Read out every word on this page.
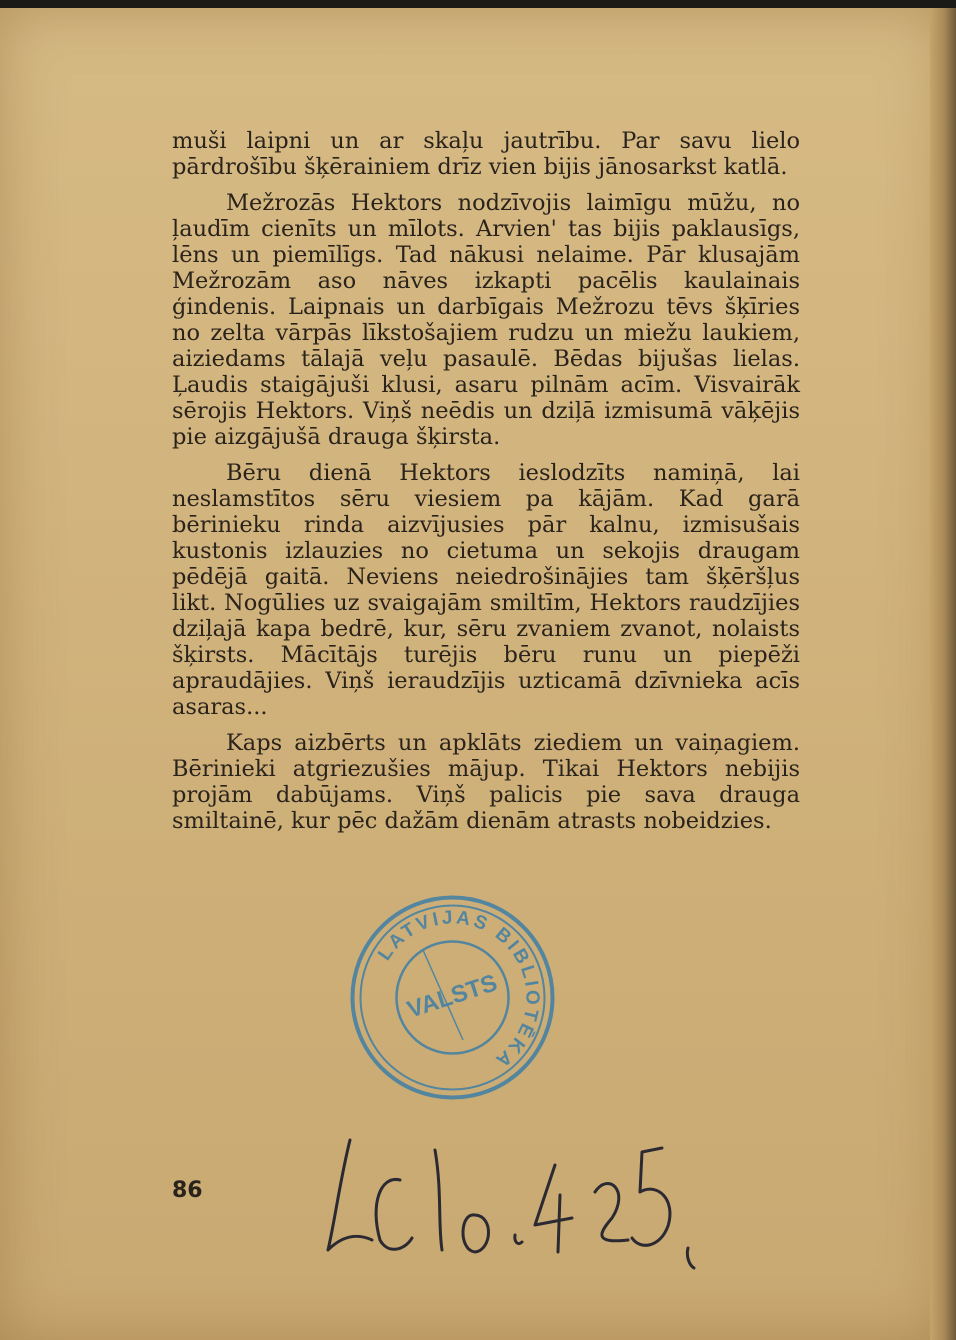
muši laipni un ar skaļu jautrību. Par savu lielo pārdrošību šķērainiem drīz vien bijis jānosarkst katlā.

Mežrozās Hektors nodzīvojis laimīgu mūžu, no ļaudīm cienīts un mīlots. Arvien' tas bijis paklausīgs, lēns un piemīlīgs. Tad nākusi nelaime. Pār klusajām Mežrozām aso nāves izkapti pacēlis kaulainais ģindenis. Laipnais un darbīgais Mežrozu tēvs šķīries no zelta vārpās līkstošajiem rudzu un miežu laukiem, aiziedams tālajā veļu pasaulē. Bēdas bijušas lielas. Ļaudis staigājuši klusi, asaru pilnām acīm. Visvairāk sērojis Hektors. Viņš neēdis un dziļā izmisumā vāķējis pie aizgājušā drauga šķirsta.

Bēru dienā Hektors ieslodzīts namiņā, lai neslamstītos sēru viesiem pa kājām. Kad garā bērinieku rinda aizvījusies pār kalnu, izmisušais kustonis izlauzies no cietuma un sekojis draugam pēdējā gaitā. Neviens neiedrošinājies tam šķēršļus likt. Nogūlies uz svaigajām smiltīm, Hektors raudzījies dziļajā kapa bedrē, kur, sēru zvaniem zvanot, nolaists šķirsts. Mācītājs turējis bēru runu un piepēži apraudājies. Viņš ieraudzījis uzticamā dzīvnieka acīs asaras...

Kaps aizbērts un apklāts ziediem un vaiņagiem. Bērinieki atgriezušies mājup. Tikai Hektors nebijis projām dabūjams. Viņš palicis pie sava drauga smiltainē, kur pēc dažām dienām atrasts nobeidzies.

LATVIJAS BIBLIOTĒKA
VALSTS
86
